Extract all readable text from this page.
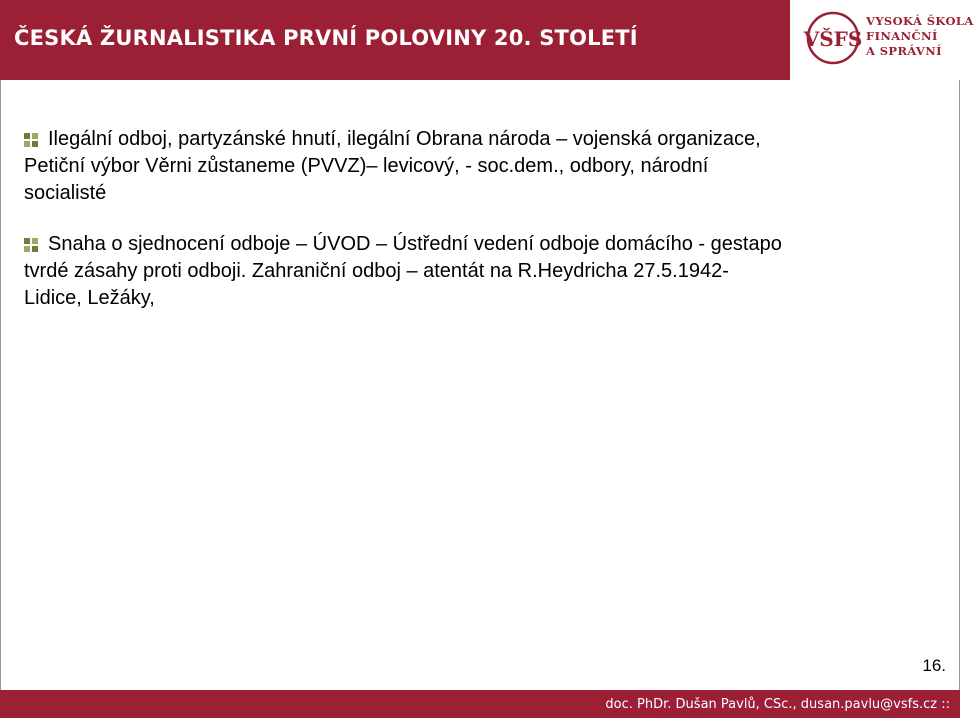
ČESKÁ ŽURNALISTIKA PRVNÍ POLOVINY 20. STOLETÍ	VŠFS
VYSOKÁ ŠKOLA
FINANČNÍ
A SPRÁVNÍ
Ilegální odboj, partyzánské hnutí, ilegální Obrana národa – vojenská organizace,
Petiční výbor Věrni zůstaneme (PVVZ)– levicový, - soc.dem., odbory, národní
socialisté
Snaha o sjednocení odboje – ÚVOD – Ústřední vedení odboje domácího - gestapo
tvrdé zásahy proti odboji. Zahraniční odboj – atentát na R.Heydricha 27.5.1942-
Lidice, Ležáky,
16.
doc. PhDr. Dušan Pavlů, CSc., dusan.pavlu@vsfs.cz ::
